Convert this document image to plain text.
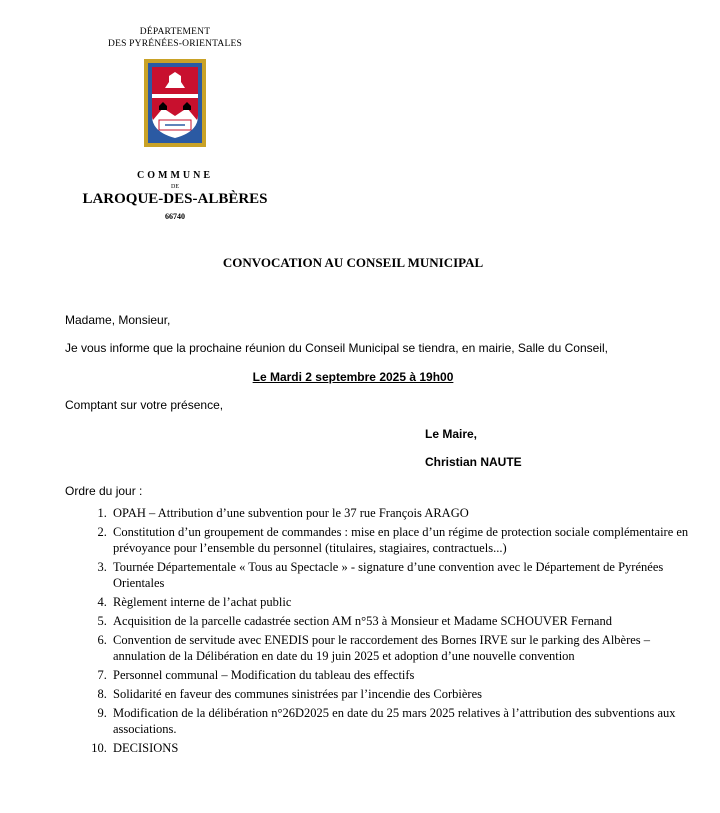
DÉPARTEMENT
DES PYRÉNÉES-ORIENTALES
COMMUNE
DE
LAROQUE-DES-ALBÈRES
66740
CONVOCATION AU CONSEIL MUNICIPAL
Madame, Monsieur,
Je vous informe que la prochaine réunion du Conseil Municipal se tiendra, en mairie, Salle du Conseil,
Le Mardi 2 septembre 2025 à 19h00
Comptant sur votre présence,
Le Maire,
Christian NAUTE
Ordre du jour :
1. OPAH – Attribution d’une subvention pour le 37 rue François ARAGO
2. Constitution d’un groupement de commandes : mise en place d’un régime de protection sociale complémentaire en prévoyance pour l’ensemble du personnel (titulaires, stagiaires, contractuels...)
3. Tournée Départementale « Tous au Spectacle » - signature d’une convention avec le Département de Pyrénées Orientales
4. Règlement interne de l’achat public
5. Acquisition de la parcelle cadastrée section AM n°53 à Monsieur et Madame SCHOUVER Fernand
6. Convention de servitude avec ENEDIS pour le raccordement des Bornes IRVE sur le parking des Albères – annulation de la Délibération en date du 19 juin 2025 et adoption d’une nouvelle convention
7. Personnel communal – Modification du tableau des effectifs
8. Solidarité en faveur des communes sinistrées par l’incendie des Corbières
9. Modification de la délibération n°26D2025 en date du 25 mars 2025 relatives à l’attribution des subventions aux associations.
10. DECISIONS
